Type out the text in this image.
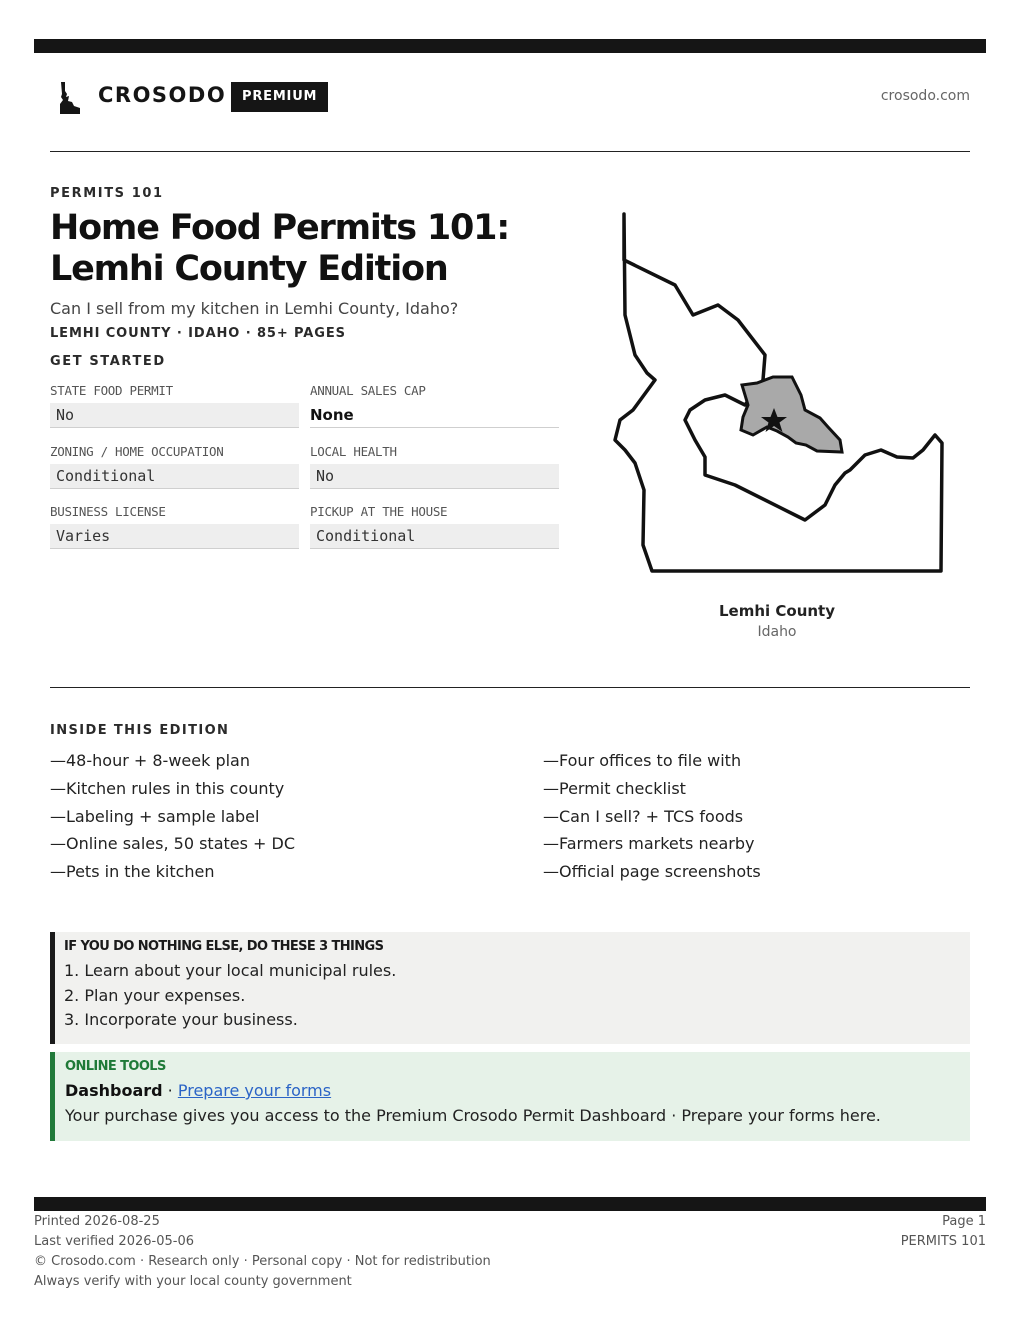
CROSODO	PREMIUM	crosodo.com
PERMITS 101
Home Food Permits 101: Lemhi County Edition
Can I sell from my kitchen in Lemhi County, Idaho?
LEMHI COUNTY · IDAHO · 85+ PAGES
GET STARTED
STATE FOOD PERMIT
No
ANNUAL SALES CAP
None
ZONING / HOME OCCUPATION
Conditional
LOCAL HEALTH
No
BUSINESS LICENSE
Varies
PICKUP AT THE HOUSE
Conditional
Lemhi County
Idaho
INSIDE THIS EDITION
—48-hour + 8-week plan
—Kitchen rules in this county
—Labeling + sample label
—Online sales, 50 states + DC
—Pets in the kitchen
—Four offices to file with
—Permit checklist
—Can I sell? + TCS foods
—Farmers markets nearby
—Official page screenshots
IF YOU DO NOTHING ELSE, DO THESE 3 THINGS
1. Learn about your local municipal rules.
2. Plan your expenses.
3. Incorporate your business.
ONLINE TOOLS
Dashboard · Prepare your forms
Your purchase gives you access to the Premium Crosodo Permit Dashboard · Prepare your forms here.
Printed 2026-08-25
Last verified 2026-05-06
© Crosodo.com · Research only · Personal copy · Not for redistribution
Always verify with your local county government
Page 1
PERMITS 101
